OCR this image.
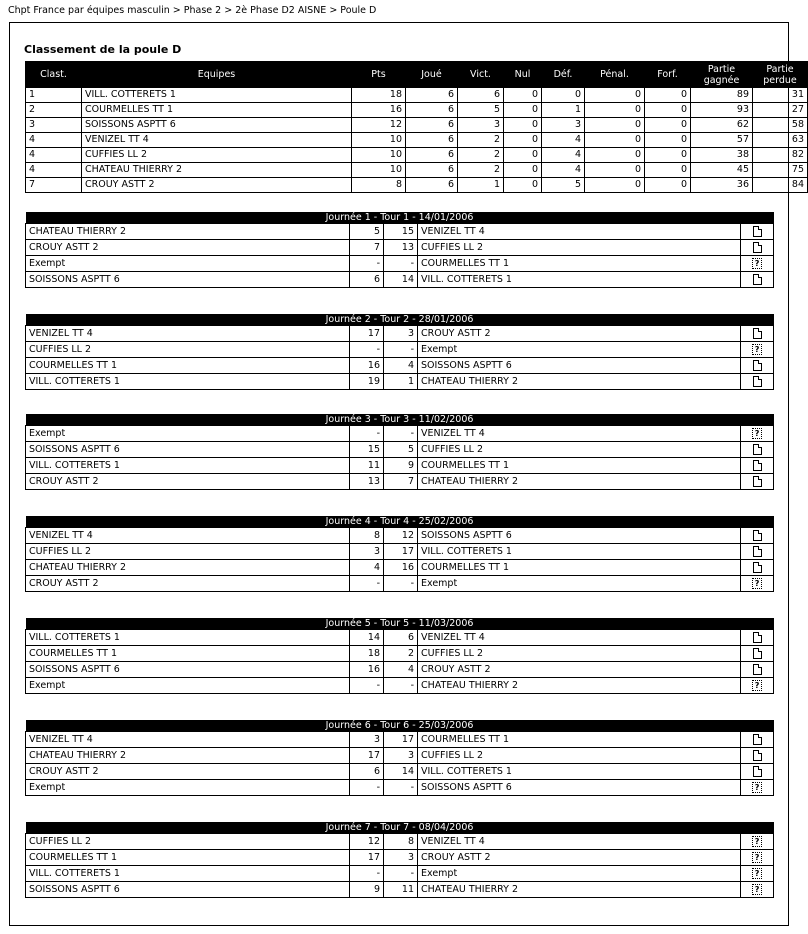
Chpt France par équipes masculin > Phase 2 > 2è Phase D2 AISNE > Poule D
Classement de la poule D
Clast.	Equipes	Pts	Joué	Vict.	Nul	Déf.	Pénal.	Forf.	Partie gagnée	Partie perdue
1	VILL. COTTERETS 1	18	6	6	0	0	0	0	89	31
2	COURMELLES TT 1	16	6	5	0	1	0	0	93	27
3	SOISSONS ASPTT 6	12	6	3	0	3	0	0	62	58
4	VENIZEL TT 4	10	6	2	0	4	0	0	57	63
4	CUFFIES LL 2	10	6	2	0	4	0	0	38	82
4	CHATEAU THIERRY 2	10	6	2	0	4	0	0	45	75
7	CROUY ASTT 2	8	6	1	0	5	0	0	36	84
Journée 1 - Tour 1 - 14/01/2006				
CHATEAU THIERRY 2	5	15	VENIZEL TT 4	
CROUY ASTT 2	7	13	CUFFIES LL 2	
Exempt	-	-	COURMELLES TT 1	?
SOISSONS ASPTT 6	6	14	VILL. COTTERETS 1	
Journée 2 - Tour 2 - 28/01/2006				
VENIZEL TT 4	17	3	CROUY ASTT 2	
CUFFIES LL 2	-	-	Exempt	?
COURMELLES TT 1	16	4	SOISSONS ASPTT 6	
VILL. COTTERETS 1	19	1	CHATEAU THIERRY 2	
Journée 3 - Tour 3 - 11/02/2006				
Exempt	-	-	VENIZEL TT 4	?
SOISSONS ASPTT 6	15	5	CUFFIES LL 2	
VILL. COTTERETS 1	11	9	COURMELLES TT 1	
CROUY ASTT 2	13	7	CHATEAU THIERRY 2	
Journée 4 - Tour 4 - 25/02/2006				
VENIZEL TT 4	8	12	SOISSONS ASPTT 6	
CUFFIES LL 2	3	17	VILL. COTTERETS 1	
CHATEAU THIERRY 2	4	16	COURMELLES TT 1	
CROUY ASTT 2	-	-	Exempt	?
Journée 5 - Tour 5 - 11/03/2006				
VILL. COTTERETS 1	14	6	VENIZEL TT 4	
COURMELLES TT 1	18	2	CUFFIES LL 2	
SOISSONS ASPTT 6	16	4	CROUY ASTT 2	
Exempt	-	-	CHATEAU THIERRY 2	?
Journée 6 - Tour 6 - 25/03/2006				
VENIZEL TT 4	3	17	COURMELLES TT 1	
CHATEAU THIERRY 2	17	3	CUFFIES LL 2	
CROUY ASTT 2	6	14	VILL. COTTERETS 1	
Exempt	-	-	SOISSONS ASPTT 6	?
Journée 7 - Tour 7 - 08/04/2006				
CUFFIES LL 2	12	8	VENIZEL TT 4	?
COURMELLES TT 1	17	3	CROUY ASTT 2	?
VILL. COTTERETS 1	-	-	Exempt	?
SOISSONS ASPTT 6	9	11	CHATEAU THIERRY 2	?
